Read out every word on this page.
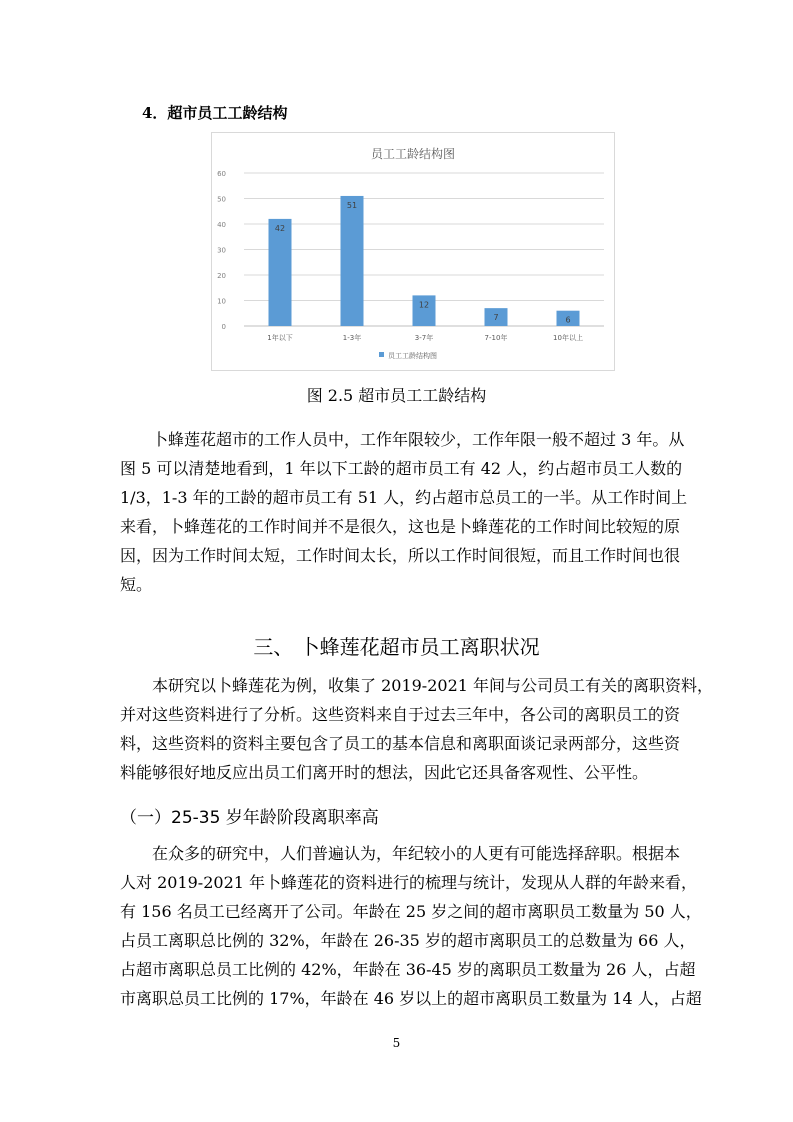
4．超市员工工龄结构
员工工龄结构图
0
10
20
30
40
50
60
42
1年以下
51
1-3年
12
3-7年
7
7-10年
6
10年以上
员工工龄结构图
图 2.5 超市员工工龄结构
卜蜂莲花超市的工作人员中，工作年限较少，工作年限一般不超过 3 年。从
图 5 可以清楚地看到，1 年以下工龄的超市员工有 42 人，约占超市员工人数的
1/3，1-3 年的工龄的超市员工有 51 人，约占超市总员工的一半。从工作时间上
来看，卜蜂莲花的工作时间并不是很久，这也是卜蜂莲花的工作时间比较短的原
因，因为工作时间太短，工作时间太长，所以工作时间很短，而且工作时间也很
短。
三、 卜蜂莲花超市员工离职状况
本研究以卜蜂莲花为例，收集了 2019-2021 年间与公司员工有关的离职资料，
并对这些资料进行了分析。这些资料来自于过去三年中，各公司的离职员工的资
料，这些资料的资料主要包含了员工的基本信息和离职面谈记录两部分，这些资
料能够很好地反应出员工们离开时的想法，因此它还具备客观性、公平性。
（一）25-35 岁年龄阶段离职率高
在众多的研究中，人们普遍认为，年纪较小的人更有可能选择辞职。根据本
人对 2019-2021 年卜蜂莲花的资料进行的梳理与统计，发现从人群的年龄来看，
有 156 名员工已经离开了公司。年龄在 25 岁之间的超市离职员工数量为 50 人，
占员工离职总比例的 32%，年龄在 26-35 岁的超市离职员工的总数量为 66 人，
占超市离职总员工比例的 42%，年龄在 36-45 岁的离职员工数量为 26 人，占超
市离职总员工比例的 17%，年龄在 46 岁以上的超市离职员工数量为 14 人，占超
5
